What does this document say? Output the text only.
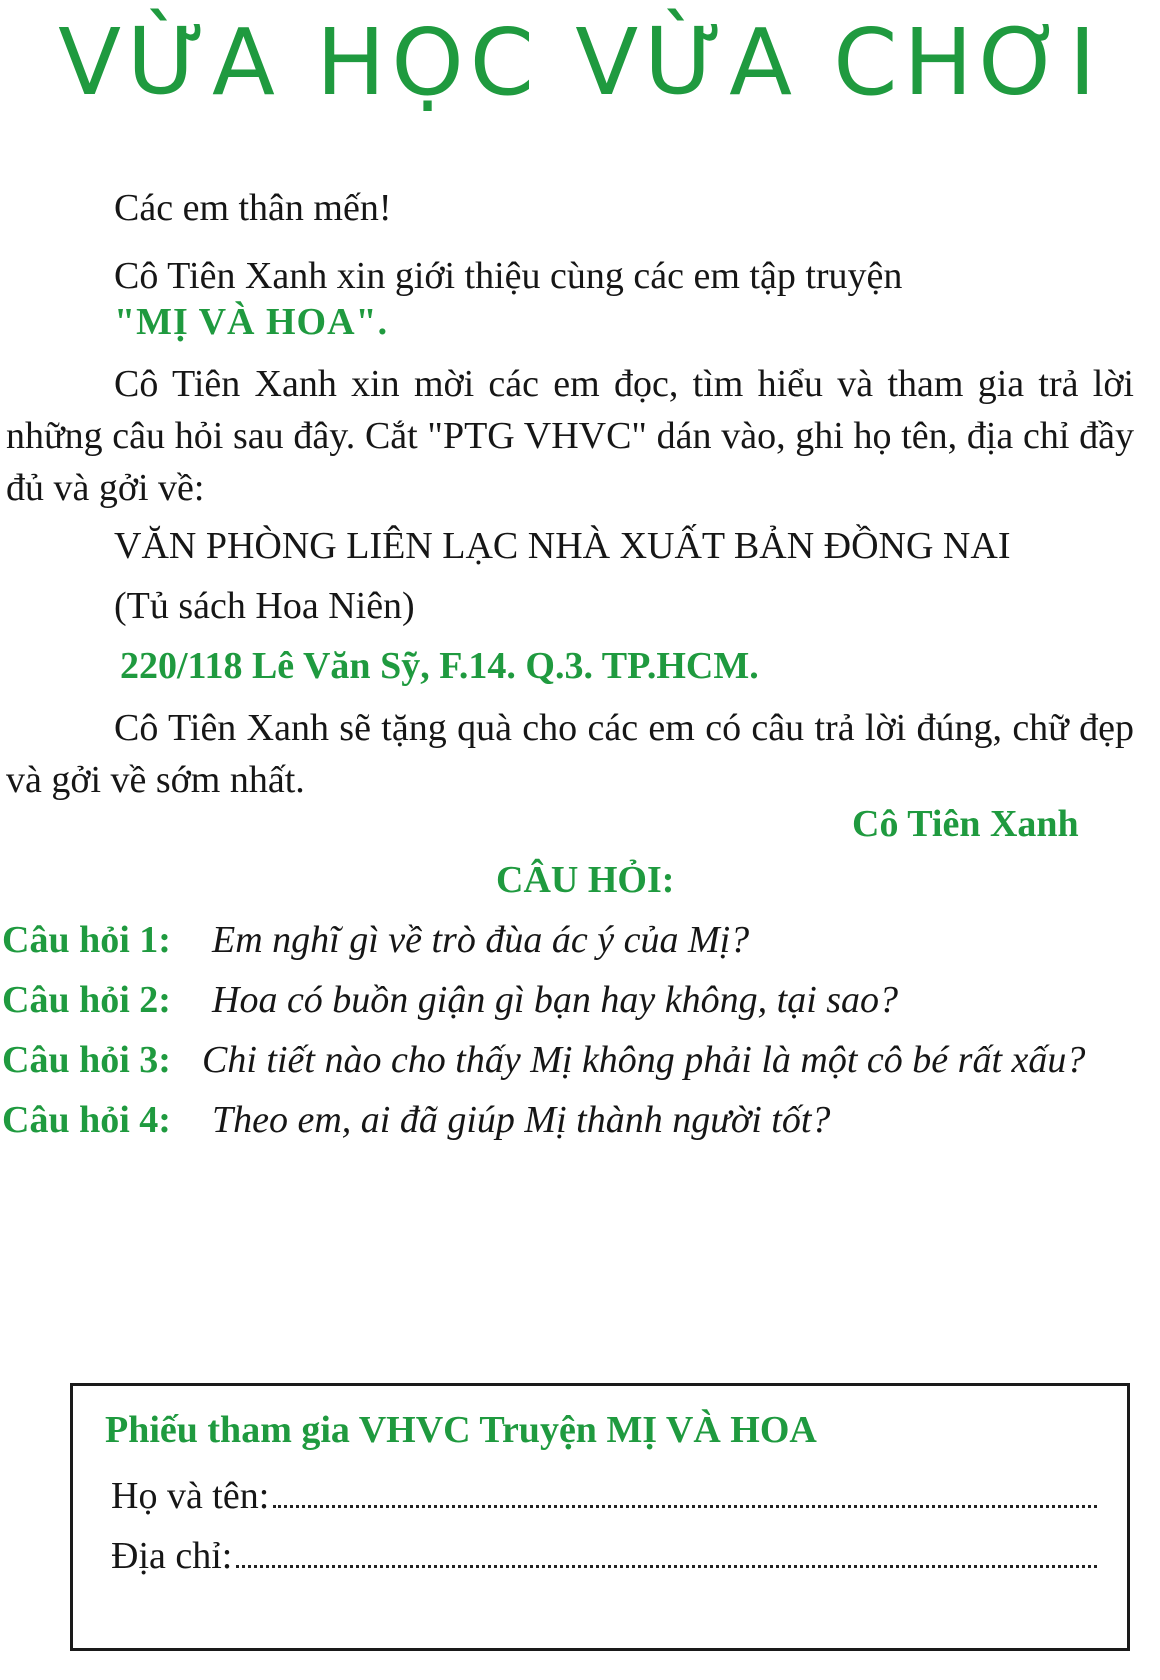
VỪA HỌC VỪA CHƠI

Các em thân mến!

Cô Tiên Xanh xin giới thiệu cùng các em tập truyện

"MỊ VÀ HOA".

Cô Tiên Xanh xin mời các em đọc, tìm hiểu và tham gia trả lời những câu hỏi sau đây. Cắt "PTG VHVC" dán vào, ghi họ tên, địa chỉ đầy đủ và gởi về:

VĂN PHÒNG LIÊN LẠC NHÀ XUẤT BẢN ĐỒNG NAI

(Tủ sách Hoa Niên)

220/118 Lê Văn Sỹ, F.14. Q.3. TP.HCM.

Cô Tiên Xanh sẽ tặng quà cho các em có câu trả lời đúng, chữ đẹp và gởi về sớm nhất.

Cô Tiên Xanh

CÂU HỎI:

Câu hỏi 1: Em nghĩ gì về trò đùa ác ý của Mị?
Câu hỏi 2: Hoa có buồn giận gì bạn hay không, tại sao?
Câu hỏi 3: Chi tiết nào cho thấy Mị không phải là một cô bé rất xấu?
Câu hỏi 4: Theo em, ai đã giúp Mị thành người tốt?
Phiếu tham gia VHVC Truyện MỊ VÀ HOA
Họ và tên:
Địa chỉ:
